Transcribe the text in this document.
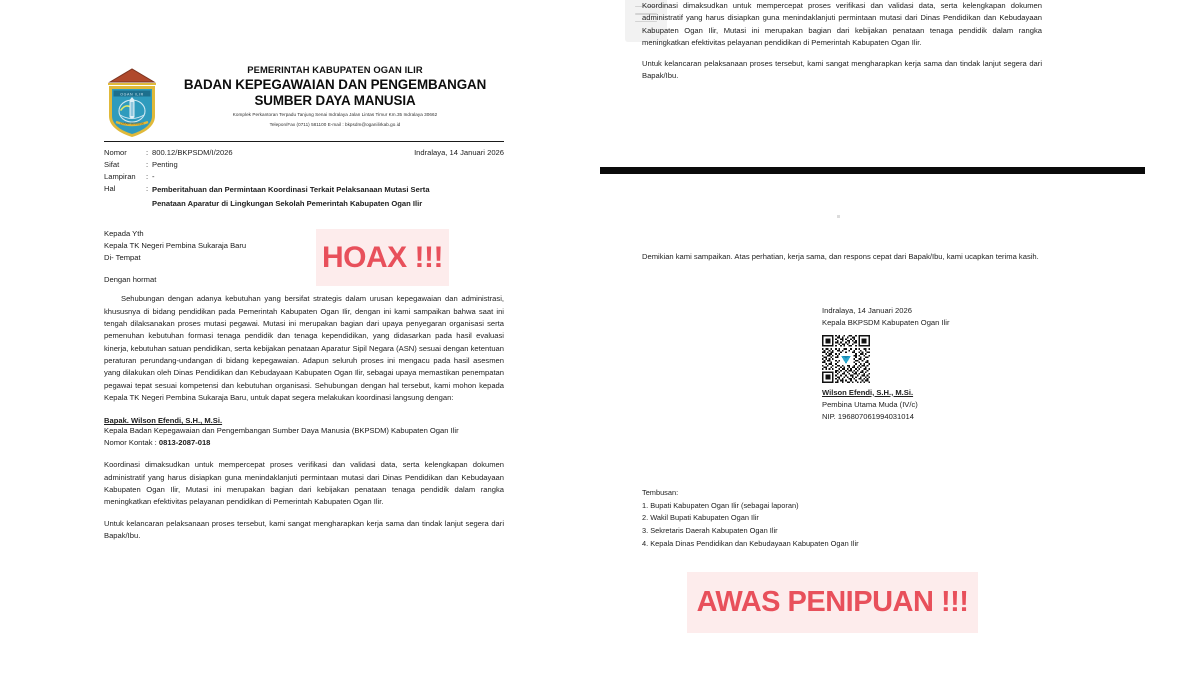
OGAN ILIR
CARAM SEGUGUK
PEMERINTAH KABUPATEN OGAN ILIR
BADAN KEPEGAWAIAN DAN PENGEMBANGAN
SUMBER DAYA MANUSIA
Komplek Perkantoran Terpadu Tanjung Senai Indralaya Jalan Lintas Timur Km.35 Indralaya 30662
Telepon/Fax (0711) 581100 E-mail : bkpsdm@oganilirkab.go.id
Indralaya, 14 Januari 2026
Nomor	: 800.12/BKPSDM/I/2026
Sifat	: Penting
Lampiran	: -
Hal	: Pemberitahuan dan Permintaan Koordinasi Terkait Pelaksanaan Mutasi Serta
Penataan Aparatur di Lingkungan Sekolah Pemerintah Kabupaten Ogan Ilir
Kepada Yth
Kepala TK Negeri Pembina Sukaraja Baru
Di- Tempat
Dengan hormat
Sehubungan dengan adanya kebutuhan yang bersifat strategis dalam urusan kepegawaian dan administrasi, khususnya di bidang pendidikan pada Pemerintah Kabupaten Ogan Ilir, dengan ini kami sampaikan bahwa saat ini tengah dilaksanakan proses mutasi pegawai. Mutasi ini merupakan bagian dari upaya penyegaran organisasi serta pemenuhan kebutuhan formasi tenaga pendidik dan tenaga kependidikan, yang didasarkan pada hasil evaluasi kinerja, kebutuhan satuan pendidikan, serta kebijakan penataan Aparatur Sipil Negara (ASN) sesuai dengan ketentuan peraturan perundang-undangan di bidang kepegawaian. Adapun seluruh proses ini mengacu pada hasil asesmen yang dilakukan oleh Dinas Pendidikan dan Kebudayaan Kabupaten Ogan Ilir, sebagai upaya memastikan penempatan pegawai tepat sesuai kompetensi dan kebutuhan organisasi. Sehubungan dengan hal tersebut, kami mohon kepada Kepala TK Negeri Pembina Sukaraja Baru, untuk dapat segera melakukan koordinasi langsung dengan:
Bapak. Wilson Efendi, S.H., M.Si.
Kepala Badan Kepegawaian dan Pengembangan Sumber Daya Manusia (BKPSDM) Kabupaten Ogan Ilir
Nomor Kontak : 0813-2087-018
Koordinasi dimaksudkan untuk mempercepat proses verifikasi dan validasi data, serta kelengkapan dokumen administratif yang harus disiapkan guna menindaklanjuti permintaan mutasi dari Dinas Pendidikan dan Kebudayaan Kabupaten Ogan Ilir, Mutasi ini merupakan bagian dari kebijakan penataan tenaga pendidik dalam rangka meningkatkan efektivitas pelayanan pendidikan di Pemerintah Kabupaten Ogan Ilir.
Untuk kelancaran pelaksanaan proses tersebut, kami sangat mengharapkan kerja sama dan tindak lanjut segera dari Bapak/Ibu.
Koordinasi dimaksudkan untuk mempercepat proses verifikasi dan validasi data, serta kelengkapan dokumen administratif yang harus disiapkan guna menindaklanjuti permintaan mutasi dari Dinas Pendidikan dan Kebudayaan Kabupaten Ogan Ilir, Mutasi ini merupakan bagian dari kebijakan penataan tenaga pendidik dalam rangka meningkatkan efektivitas pelayanan pendidikan di Pemerintah Kabupaten Ogan Ilir.
Untuk kelancaran pelaksanaan proses tersebut, kami sangat mengharapkan kerja sama dan tindak lanjut segera dari Bapak/Ibu.
Demikian kami sampaikan. Atas perhatian, kerja sama, dan respons cepat dari Bapak/Ibu, kami ucapkan terima kasih.
Indralaya, 14 Januari 2026
Kepala BKPSDM Kabupaten Ogan Ilir
Wilson Efendi, S.H., M.Si.
Pembina Utama Muda (IV/c)
NIP. 196807061994031014
Tembusan:
1. Bupati Kabupaten Ogan Ilir (sebagai laporan)
2. Wakil Bupati Kabupaten Ogan Ilir
3. Sekretaris Daerah Kabupaten Ogan Ilir
4. Kepala Dinas Pendidikan dan Kebudayaan Kabupaten Ogan Ilir
HOAX !!!
AWAS PENIPUAN !!!
